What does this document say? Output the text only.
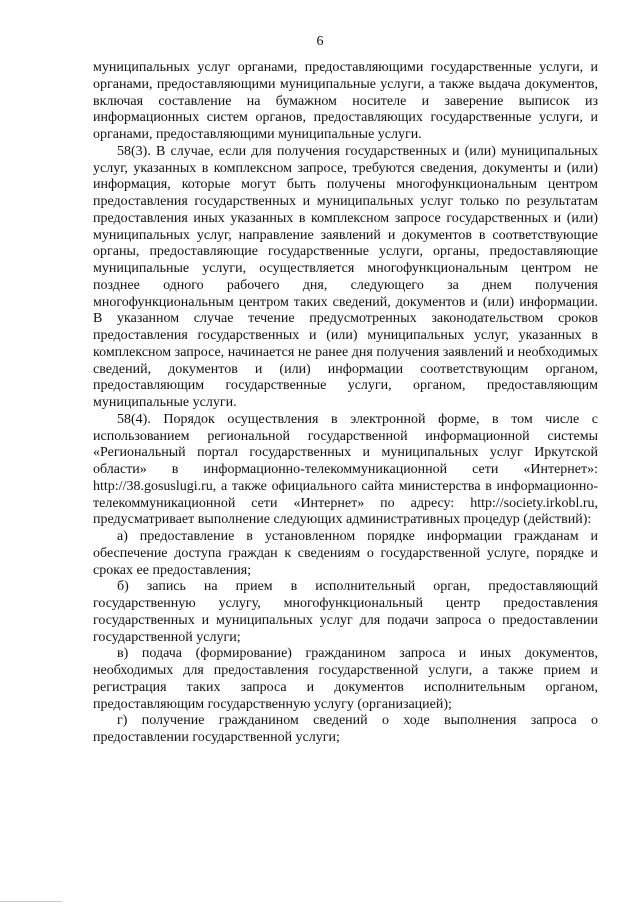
6

муниципальных услуг органами, предоставляющими государственные услуги, и органами, предоставляющими муниципальные услуги, а также выдача документов, включая составление на бумажном носителе и заверение выписок из информационных систем органов, предоставляющих государственные услуги, и органами, предоставляющими муниципальные услуги.

58(3). В случае, если для получения государственных и (или) муниципальных услуг, указанных в комплексном запросе, требуются сведения, документы и (или) информация, которые могут быть получены многофункциональным центром предоставления государственных и муниципальных услуг только по результатам предоставления иных указанных в комплексном запросе государственных и (или) муниципальных услуг, направление заявлений и документов в соответствующие органы, предоставляющие государственные услуги, органы, предоставляющие муниципальные услуги, осуществляется многофункциональным центром не позднее одного рабочего дня, следующего за днем получения многофункциональным центром таких сведений, документов и (или) информации. В указанном случае течение предусмотренных законодательством сроков предоставления государственных и (или) муниципальных услуг, указанных в комплексном запросе, начинается не ранее дня получения заявлений и необходимых сведений, документов и (или) информации соответствующим органом, предоставляющим государственные услуги, органом, предоставляющим муниципальные услуги.

58(4). Порядок осуществления в электронной форме, в том числе с использованием региональной государственной информационной системы «Региональный портал государственных и муниципальных услуг Иркутской области» в информационно-телекоммуникационной сети «Интернет»: http://38.gosuslugi.ru, а также официального сайта министерства в информационно-телекоммуникационной сети «Интернет» по адресу: http://society.irkobl.ru, предусматривает выполнение следующих административных процедур (действий):

а) предоставление в установленном порядке информации гражданам и обеспечение доступа граждан к сведениям о государственной услуге, порядке и сроках ее предоставления;

б) запись на прием в исполнительный орган, предоставляющий государственную услугу, многофункциональный центр предоставления государственных и муниципальных услуг для подачи запроса о предоставлении государственной услуги;

в) подача (формирование) гражданином запроса и иных документов, необходимых для предоставления государственной услуги, а также прием и регистрация таких запроса и документов исполнительным органом, предоставляющим государственную услугу (организацией);

г) получение гражданином сведений о ходе выполнения запроса о предоставлении государственной услуги;
